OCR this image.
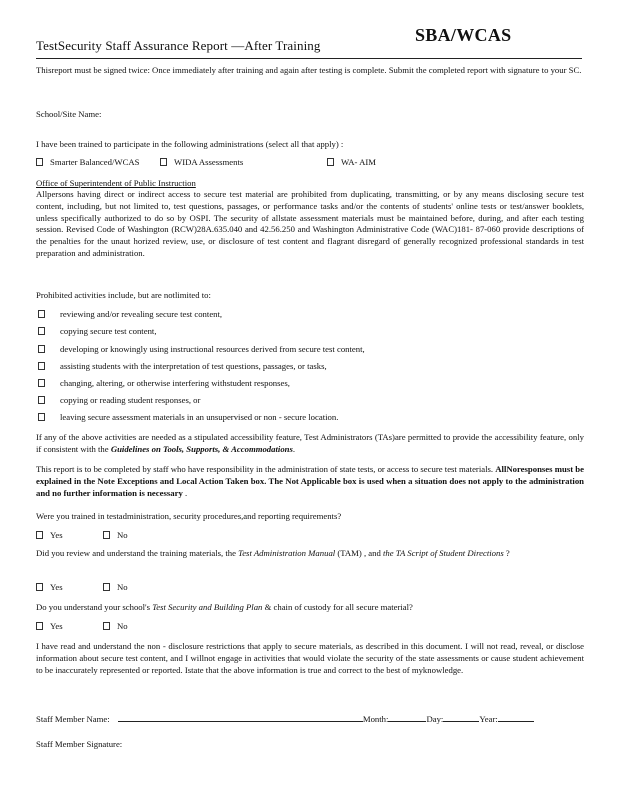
TestSecurity Staff Assurance Report —After Training
SBA/WCAS
Thisreport must be signed twice: Once immediately after training and again after testing is complete. Submit the completed report with signature to your SC.
School/Site Name:
I have been trained to participate in the following administrations (select all that apply) :
Smarter Balanced/WCAS	WIDA Assessments	WA- AIM
Office of Superintendent of Public Instruction
Allpersons having direct or indirect access to secure test material are prohibited from duplicating, transmitting, or by any means disclosing secure test content, including, but not limited to, test questions, passages, or performance tasks and/or the contents of students' online tests or test/answer booklets, unless specifically authorized to do so by OSPI. The security of allstate assessment materials must be maintained before, during, and after each testing session. Revised Code of Washington (RCW)28A.635.040 and 42.56.250 and Washington Administrative Code (WAC)181- 87-060 provide descriptions of the penalties for the unaut horized review, use, or disclosure of test content and flagrant disregard of generally recognized professional standards in test preparation and administration.
Prohibited activities include, but are notlimited to:
reviewing and/or revealing secure test content,
copying secure test content,
developing or knowingly using instructional resources derived from secure test content,
assisting students with the interpretation of test questions, passages, or tasks,
changing, altering, or otherwise interfering withstudent responses,
copying or reading student responses, or
leaving secure assessment materials in an unsupervised or non - secure location.
If any of the above activities are needed as a stipulated accessibility feature, Test Administrators (TAs)are permitted to provide the accessibility feature, only if consistent with the Guidelines on Tools, Supports, & Accommodations.
This report is to be completed by staff who have responsibility in the administration of state tests, or access to secure test materials. AllNoresponses must be explained in the Note Exceptions and Local Action Taken box. The Not Applicable box is used when a situation does not apply to the administration and no further information is necessary .
Were you trained in testadministration, security procedures,and reporting requirements?
Yes	No
Did you review and understand the training materials, the Test Administration Manual (TAM) , and the TA Script of Student Directions ?
Yes	No
Do you understand your school's Test Security and Building Plan & chain of custody for all secure material?
Yes	No
I have read and understand the non - disclosure restrictions that apply to secure materials, as described in this document. I will not read, reveal, or disclose information about secure test content, and I willnot engage in activities that would violate the security of the state assessments or cause student achievement to be inaccurately represented or reported. Istate that the above information is true and correct to the best of myknowledge.
Staff Member Name:	Month:	Day:	Year:
Staff Member Signature:
